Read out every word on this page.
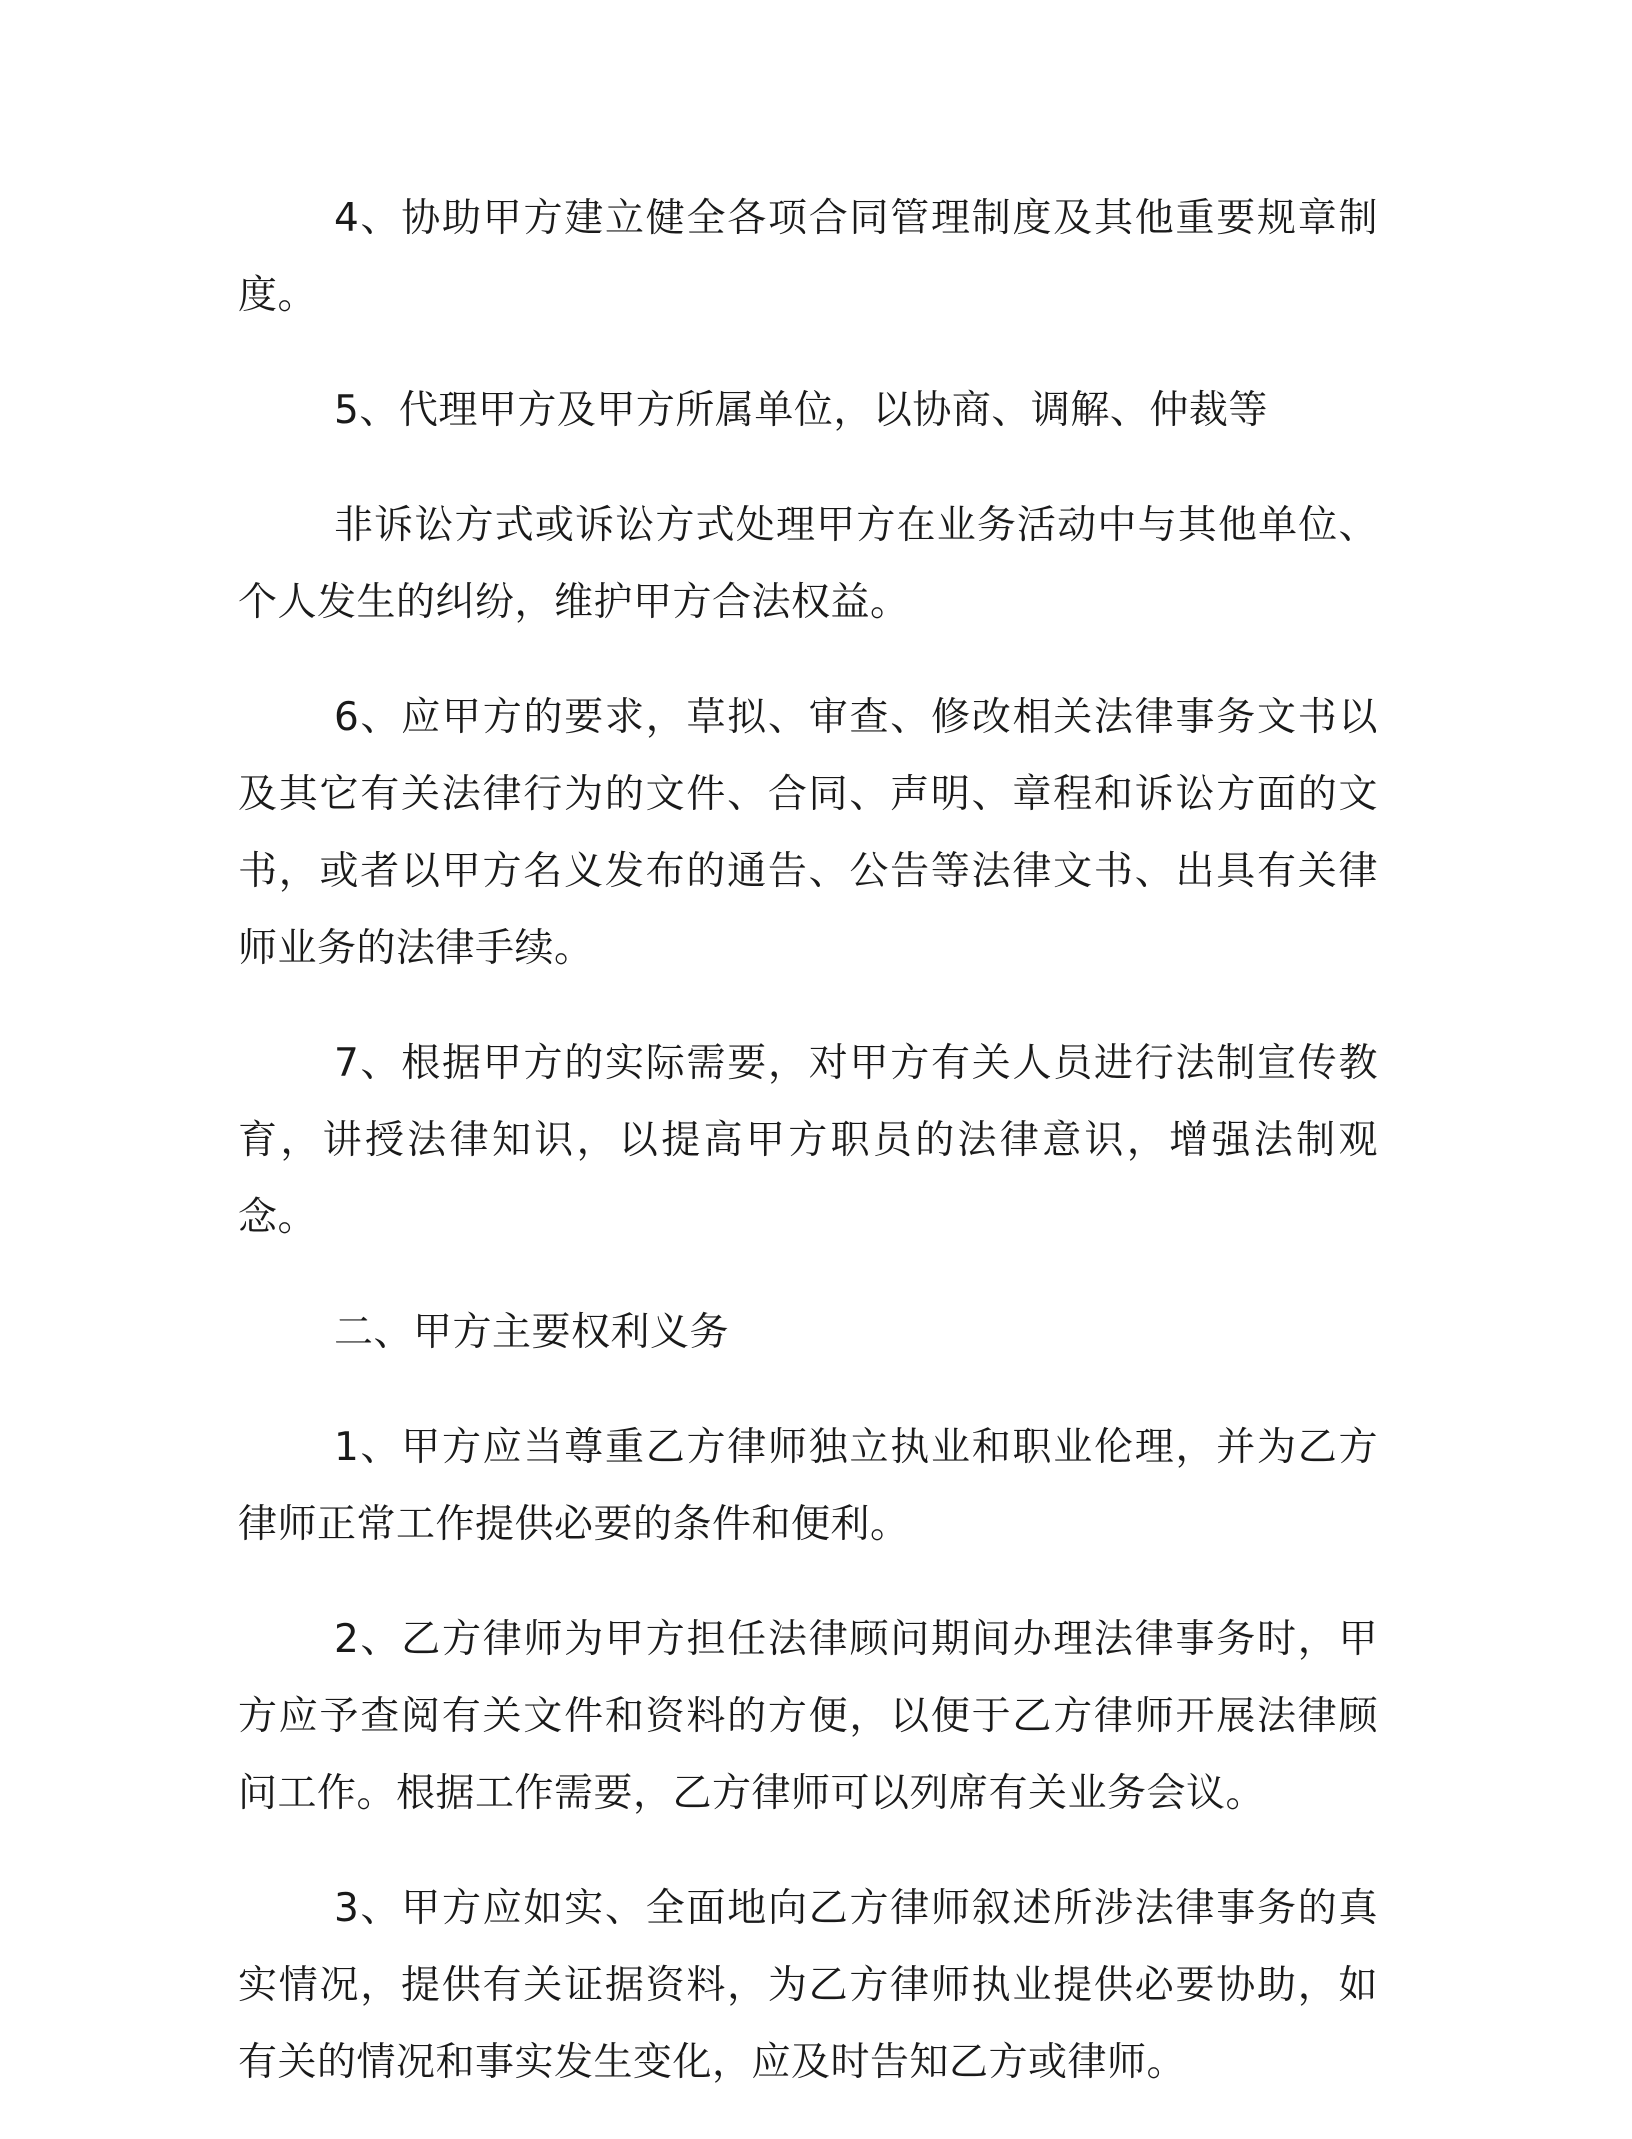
4、协助甲方建立健全各项合同管理制度及其他重要规章制度。

5、代理甲方及甲方所属单位，以协商、调解、仲裁等

非诉讼方式或诉讼方式处理甲方在业务活动中与其他单位、个人发生的纠纷，维护甲方合法权益。

6、应甲方的要求，草拟、审查、修改相关法律事务文书以及其它有关法律行为的文件、合同、声明、章程和诉讼方面的文书，或者以甲方名义发布的通告、公告等法律文书、出具有关律师业务的法律手续。

7、根据甲方的实际需要，对甲方有关人员进行法制宣传教育，讲授法律知识，以提高甲方职员的法律意识，增强法制观念。

二、甲方主要权利义务

1、甲方应当尊重乙方律师独立执业和职业伦理，并为乙方律师正常工作提供必要的条件和便利。

2、乙方律师为甲方担任法律顾问期间办理法律事务时，甲方应予查阅有关文件和资料的方便，以便于乙方律师开展法律顾问工作。根据工作需要，乙方律师可以列席有关业务会议。

3、甲方应如实、全面地向乙方律师叙述所涉法律事务的真实情况，提供有关证据资料，为乙方律师执业提供必要协助，如有关的情况和事实发生变化，应及时告知乙方或律师。
